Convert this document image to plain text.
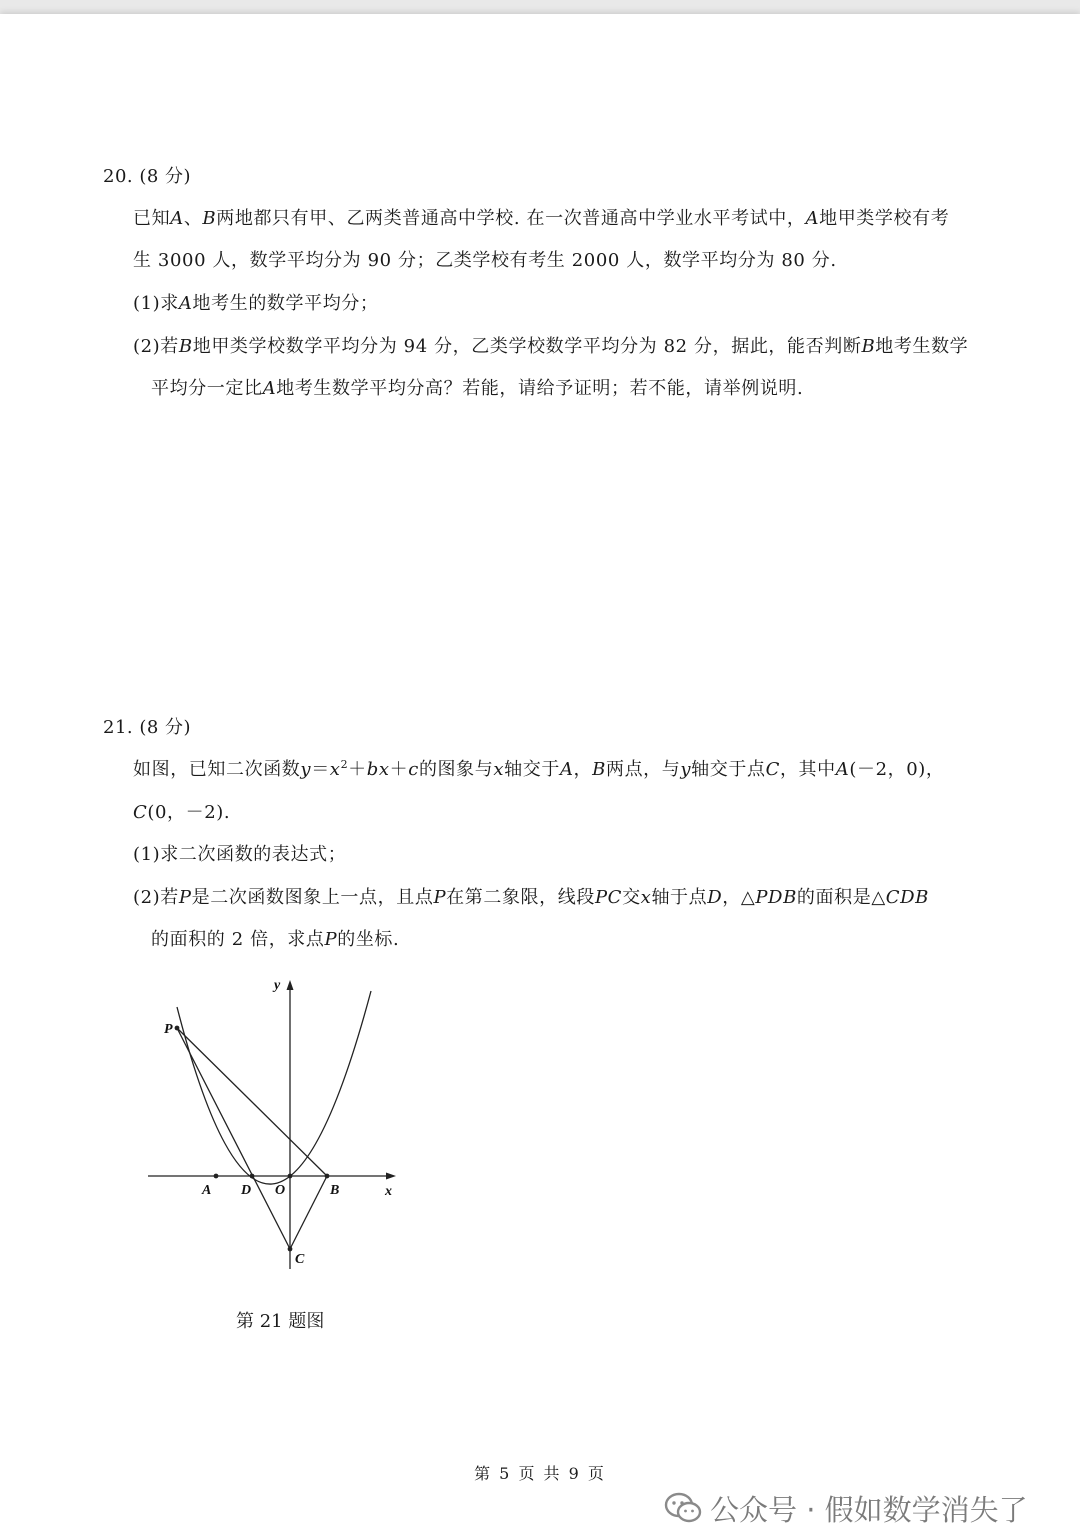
20. (8 分)
已知A、B两地都只有甲、乙两类普通高中学校. 在一次普通高中学业水平考试中，A地甲类学校有考
生 3000 人，数学平均分为 90 分；乙类学校有考生 2000 人，数学平均分为 80 分.
(1)求A地考生的数学平均分；
(2)若B地甲类学校数学平均分为 94 分，乙类学校数学平均分为 82 分，据此，能否判断B地考生数学
平均分一定比A地考生数学平均分高？若能，请给予证明；若不能，请举例说明.
21. (8 分)
如图，已知二次函数$y=x^2+bx+c$的图象与x轴交于A，B两点，与y轴交于点C，其中A(－2，0)，
C(0，－2).
(1)求二次函数的表达式；
(2)若P是二次函数图象上一点，且点P在第二象限，线段PC交x轴于点D，△PDB的面积是△CDB
的面积的 2 倍，求点P的坐标.
y
x
P
A D O	B
C
第 21 题图
第 5 页 共 9 页
公众号 · 假如数学消失了
